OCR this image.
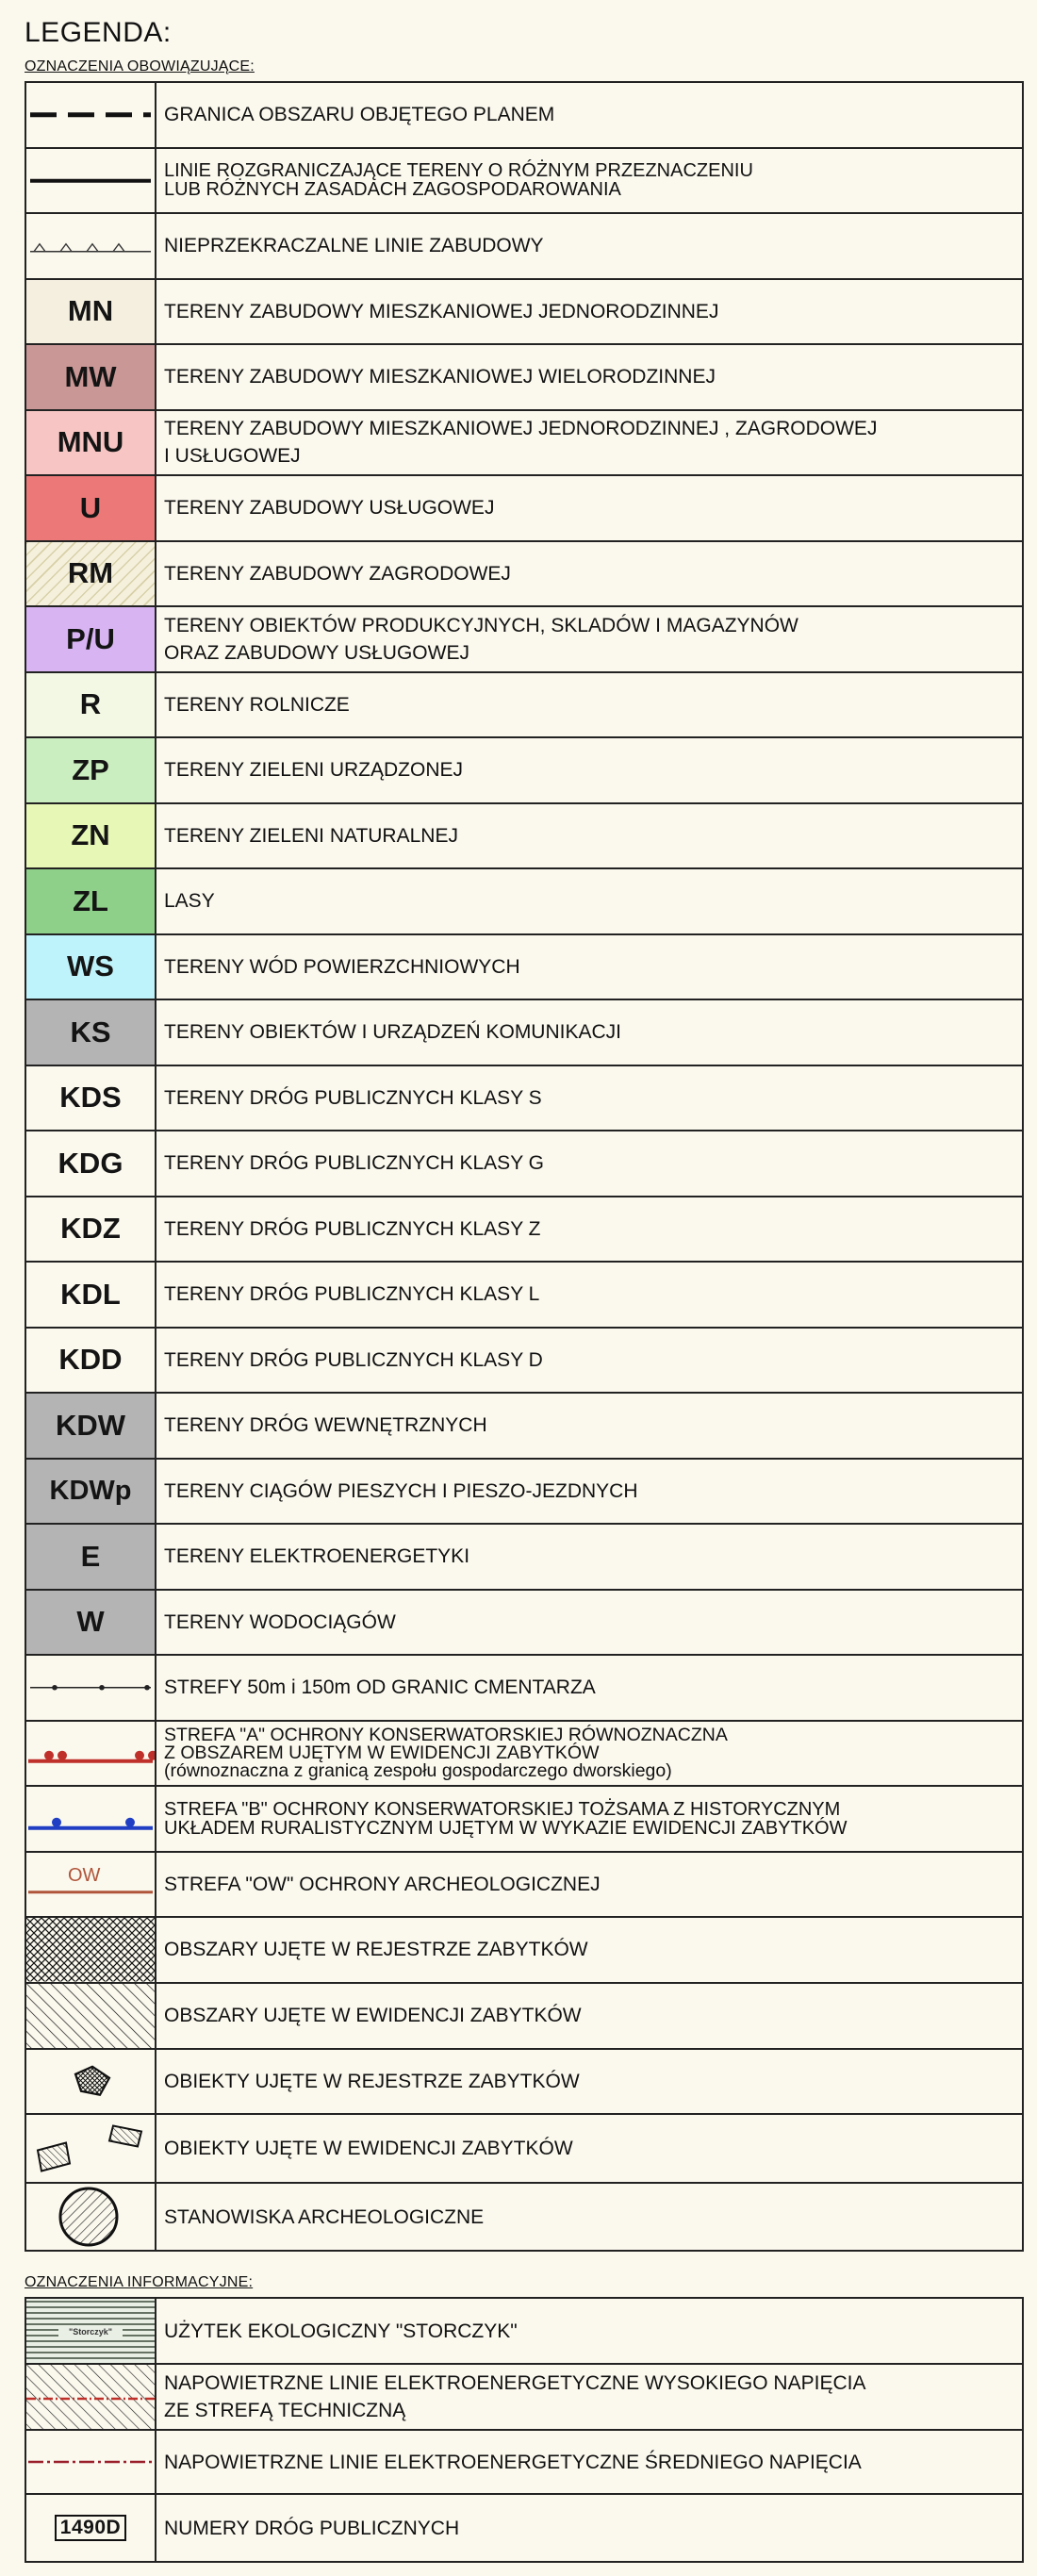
LEGENDA:
OZNACZENIA OBOWIĄZUJĄCE:
GRANICA OBSZARU OBJĘTEGO PLANEM
LINIE ROZGRANICZAJĄCE TERENY O RÓŻNYM PRZEZNACZENIU
LUB RÓŻNYCH ZASADACH ZAGOSPODAROWANIA
NIEPRZEKRACZALNE LINIE ZABUDOWY
MN	TERENY ZABUDOWY MIESZKANIOWEJ JEDNORODZINNEJ
MW TERENY ZABUDOWY MIESZKANIOWEJ WIELORODZINNEJ
MNU TERENY ZABUDOWY MIESZKANIOWEJ JEDNORODZINNEJ , ZAGRODOWEJ
I USŁUGOWEJ
U	TERENY ZABUDOWY USŁUGOWEJ
RM	TERENY ZABUDOWY ZAGRODOWEJ
P/U TERENY OBIEKTÓW PRODUKCYJNYCH, SKLADÓW I MAGAZYNÓW
ORAZ ZABUDOWY USŁUGOWEJ
R	TERENY ROLNICZE
ZP	TERENY ZIELENI URZĄDZONEJ
ZN	TERENY ZIELENI NATURALNEJ
ZL	LASY
WS	TERENY WÓD POWIERZCHNIOWYCH
KS	TERENY OBIEKTÓW I URZĄDZEŃ KOMUNIKACJI
KDS TERENY DRÓG PUBLICZNYCH KLASY S
KDG TERENY DRÓG PUBLICZNYCH KLASY G
KDZ TERENY DRÓG PUBLICZNYCH KLASY Z
KDL TERENY DRÓG PUBLICZNYCH KLASY L
KDD TERENY DRÓG PUBLICZNYCH KLASY D
KDW TERENY DRÓG WEWNĘTRZNYCH
KDWp TERENY CIĄGÓW PIESZYCH I PIESZO-JEZDNYCH
E	TERENY ELEKTROENERGETYKI
W	TERENY WODOCIĄGÓW
STREFY 50m i 150m OD GRANIC CMENTARZA
STREFA "A" OCHRONY KONSERWATORSKIEJ RÓWNOZNACZNA
Z OBSZAREM UJĘTYM W EWIDENCJI ZABYTKÓW
(równoznaczna z granicą zespołu gospodarczego dworskiego)
STREFA "B" OCHRONY KONSERWATORSKIEJ TOŻSAMA Z HISTORYCZNYM
UKŁADEM RURALISTYCZNYM UJĘTYM W WYKAZIE EWIDENCJI ZABYTKÓW
OW	STREFA "OW" OCHRONY ARCHEOLOGICZNEJ
OBSZARY UJĘTE W REJESTRZE ZABYTKÓW
OBSZARY UJĘTE W EWIDENCJI ZABYTKÓW
OBIEKTY UJĘTE W REJESTRZE ZABYTKÓW
OBIEKTY UJĘTE W EWIDENCJI ZABYTKÓW
STANOWISKA ARCHEOLOGICZNE
OZNACZENIA INFORMACYJNE:
"Storczyk"	UŻYTEK EKOLOGICZNY "STORCZYK"
NAPOWIETRZNE LINIE ELEKTROENERGETYCZNE WYSOKIEGO NAPIĘCIA
ZE STREFĄ TECHNICZNĄ
NAPOWIETRZNE LINIE ELEKTROENERGETYCZNE ŚREDNIEGO NAPIĘCIA
1490D NUMERY DRÓG PUBLICZNYCH
